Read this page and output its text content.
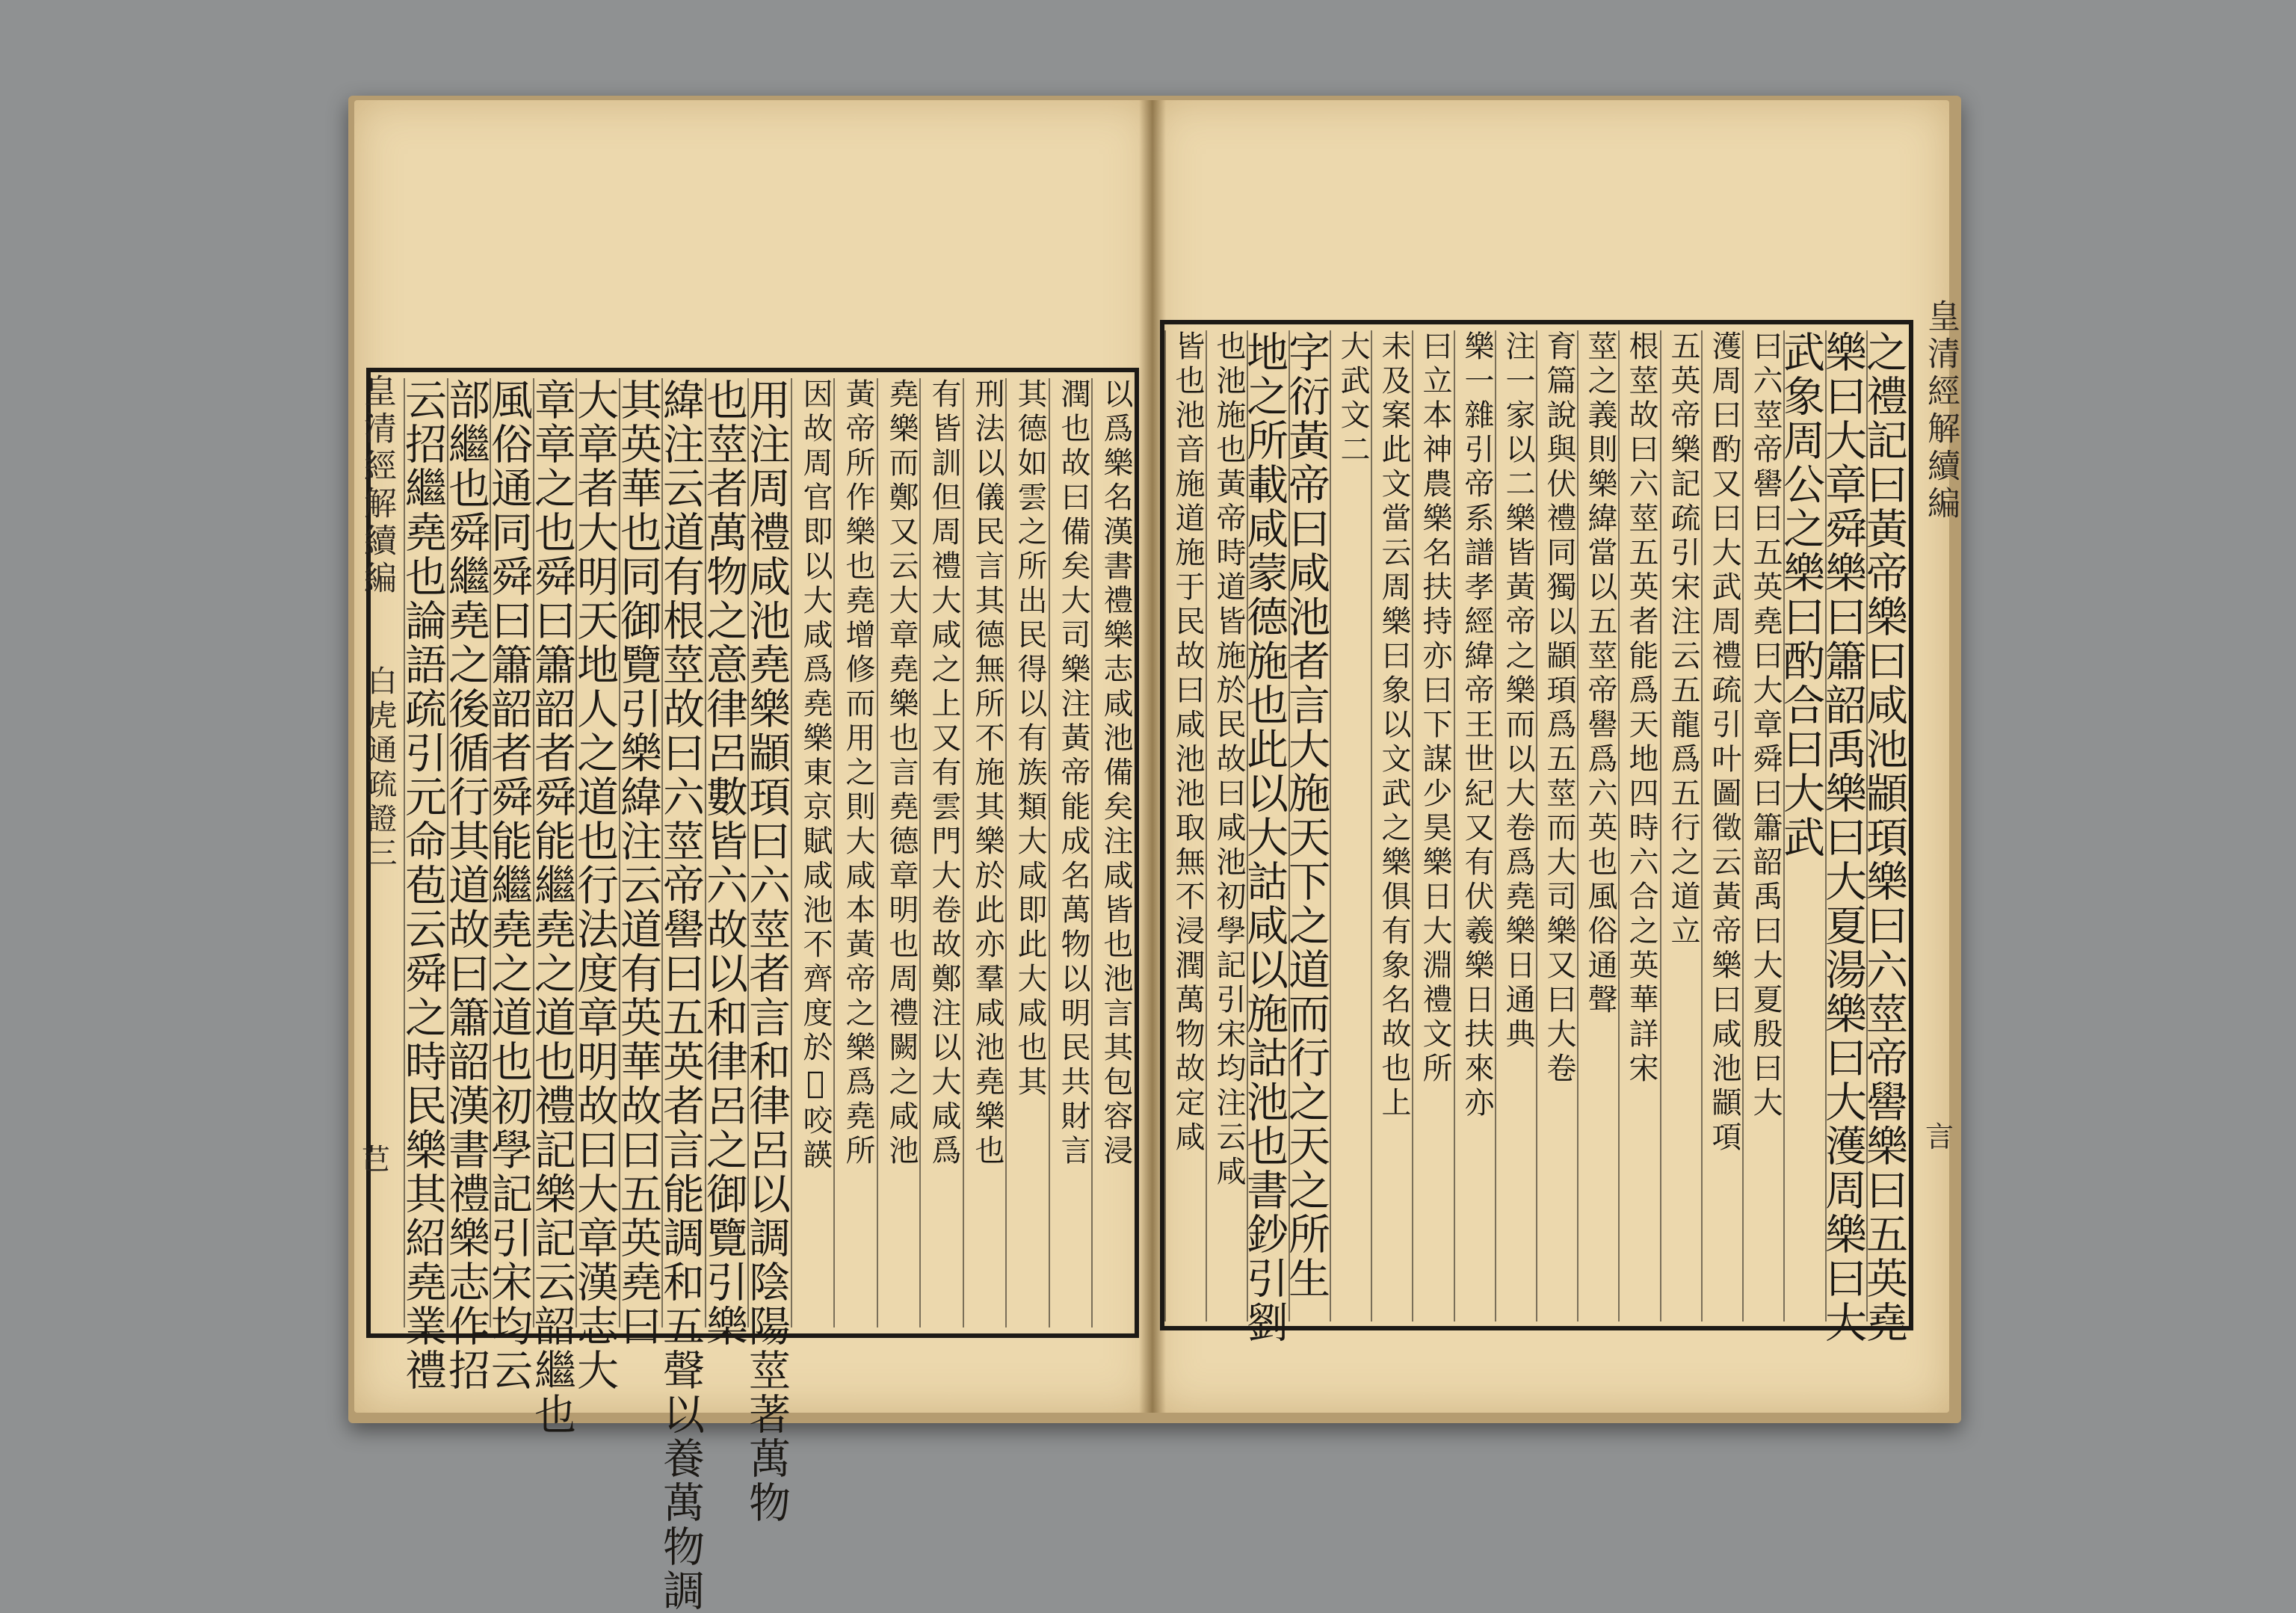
皇清經解續編
白虎通疏證三
芑
皇清經解續編
言
以爲樂名漢書禮樂志咸池備矣注咸皆也池言其包容浸
潤也故曰備矣大司樂注黃帝能成名萬物以明民共財言
其德如雲之所出民得以有族類大咸即此大咸也其
刑法以儀民言其德無所不施其樂於此亦羣咸池堯樂也
有皆訓但周禮大咸之上又有雲門大卷故鄭注以大咸爲
堯樂而鄭又云大章堯樂也言堯德章明也周禮闕之咸池
黃帝所作樂也堯增修而用之則大咸本黃帝之樂爲堯所
因故周官即以大咸爲堯樂東京賦咸池不齊度於𨯳咬韺
用注周禮咸池堯樂顓頊曰六莖者言和律呂以調陰陽莖著萬物
也莖者萬物之意律呂數皆六故以和律呂之御覽引樂
緯注云道有根莖故曰六莖帝嚳曰五英者言能調和五聲以養萬物調
其英華也同御覽引樂緯注云道有英華故曰五英堯曰
大章者大明天地人之道也行法度章明故曰大章漢志大
章章之也舜曰簫韶者舜能繼堯之道也禮記樂記云韶繼也
風俗通同舜曰簫韶者舜能繼堯之道也初學記引宋均云
部繼也舜繼堯之後循行其道故曰簫韶漢書禮樂志作招
云招繼堯也論語疏引元命苞云舜之時民樂其紹堯業禮	之禮記曰黃帝樂曰咸池顓頊樂曰六莖帝嚳樂曰五英堯
樂曰大章舜樂曰簫韶禹樂曰大夏湯樂曰大濩周樂曰大
武象周公之樂曰酌合曰大武
曰六莖帝嚳曰五英堯曰大章舜曰簫韶禹曰大夏殷曰大
濩周曰酌又曰大武周禮疏引叶圖徵云黃帝樂曰咸池顓項
五英帝樂記疏引宋注云五龍爲五行之道立
根莖故曰六莖五英者能爲天地四時六合之英華詳宋
莖之義則樂緯當以五莖帝嚳爲六英也風俗通聲
育篇說與伏禮同獨以顓頊爲五莖而大司樂又曰大卷
注一家以二樂皆黃帝之樂而以大卷爲堯樂日通典
樂一雜引帝系譜孝經緯帝王世紀又有伏羲樂日扶來亦
曰立本神農樂名扶持亦曰下謀少昊樂日大淵禮文所
未及案此文當云周樂曰象以文武之樂俱有象名故也上
大武文二
字衍黃帝曰咸池者言大施天下之道而行之天之所生
地之所載咸蒙德施也此以大詁咸以施詁池也書鈔引劉
也池施也黃帝時道皆施於民故曰咸池初學記引宋均注云咸
皆也池音施道施于民故曰咸池池取無不浸潤萬物故定咸
